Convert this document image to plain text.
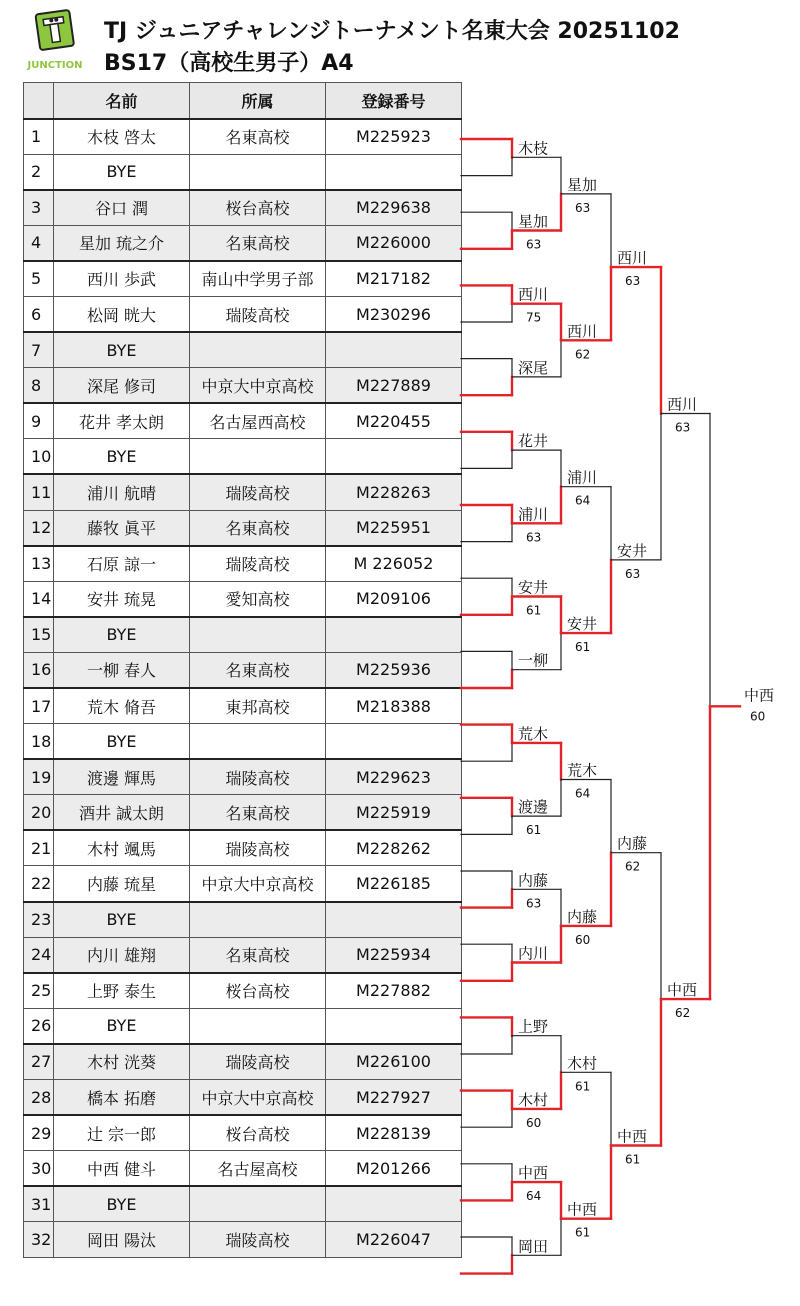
JUNCTION
TJ ジュニアチャレンジトーナメント名東大会 20251102
BS17（高校生男子）A4
	名前	所属	登録番号
1	木枝 啓太	名東高校	M225923
2	BYE		
3	谷口 潤	桜台高校	M229638
4	星加 琉之介	名東高校	M226000
5	西川 歩武	南山中学男子部	M217182
6	松岡 晄大	瑞陵高校	M230296
7	BYE		
8	深尾 修司	中京大中京高校	M227889
9	花井 孝太朗	名古屋西高校	M220455
10	BYE		
11	浦川 航晴	瑞陵高校	M228263
12	藤牧 眞平	名東高校	M225951
13	石原 諒一	瑞陵高校	M 226052
14	安井 琉晃	愛知高校	M209106
15	BYE		
16	一柳 春人	名東高校	M225936
17	荒木 脩吾	東邦高校	M218388
18	BYE		
19	渡邊 輝馬	瑞陵高校	M229623
20	酒井 誠太朗	名東高校	M225919
21	木村 颯馬	瑞陵高校	M228262
22	内藤 琉星	中京大中京高校	M226185
23	BYE		
24	内川 雄翔	名東高校	M225934
25	上野 泰生	桜台高校	M227882
26	BYE		
27	木村 洸葵	瑞陵高校	M226100
28	橋本 拓磨	中京大中京高校	M227927
29	辻 宗一郎	桜台高校	M228139
30	中西 健斗	名古屋高校	M201266
31	BYE		
32	岡田 陽汰	瑞陵高校	M226047
木枝
星加
63
西川
75
深尾
花井
浦川
63
安井
61
一柳
荒木
渡邊
61
内藤
63
内川
上野
木村
60
中西
64
岡田
星加
63
西川
62
浦川
64
安井
61
荒木
64
内藤
60
木村
61
中西
61
西川
63
安井
63
内藤
62
中西
61
西川
63
中西
62
中西
60
